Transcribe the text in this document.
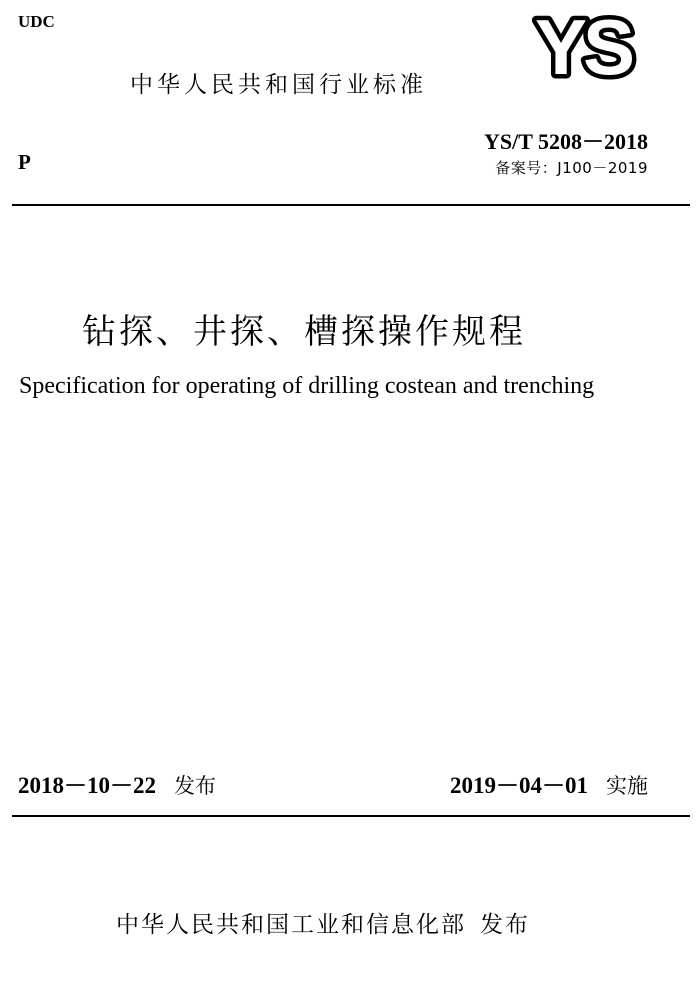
UDC	YS
中华人民共和国行业标准
P
YS/T 5208－2018
备案号：J100－2019
钻探、井探、槽探操作规程
Specification for operating of drilling costean and trenching
2018－10－22 发布	2019－04－01 实施
中华人民共和国工业和信息化部 发布
